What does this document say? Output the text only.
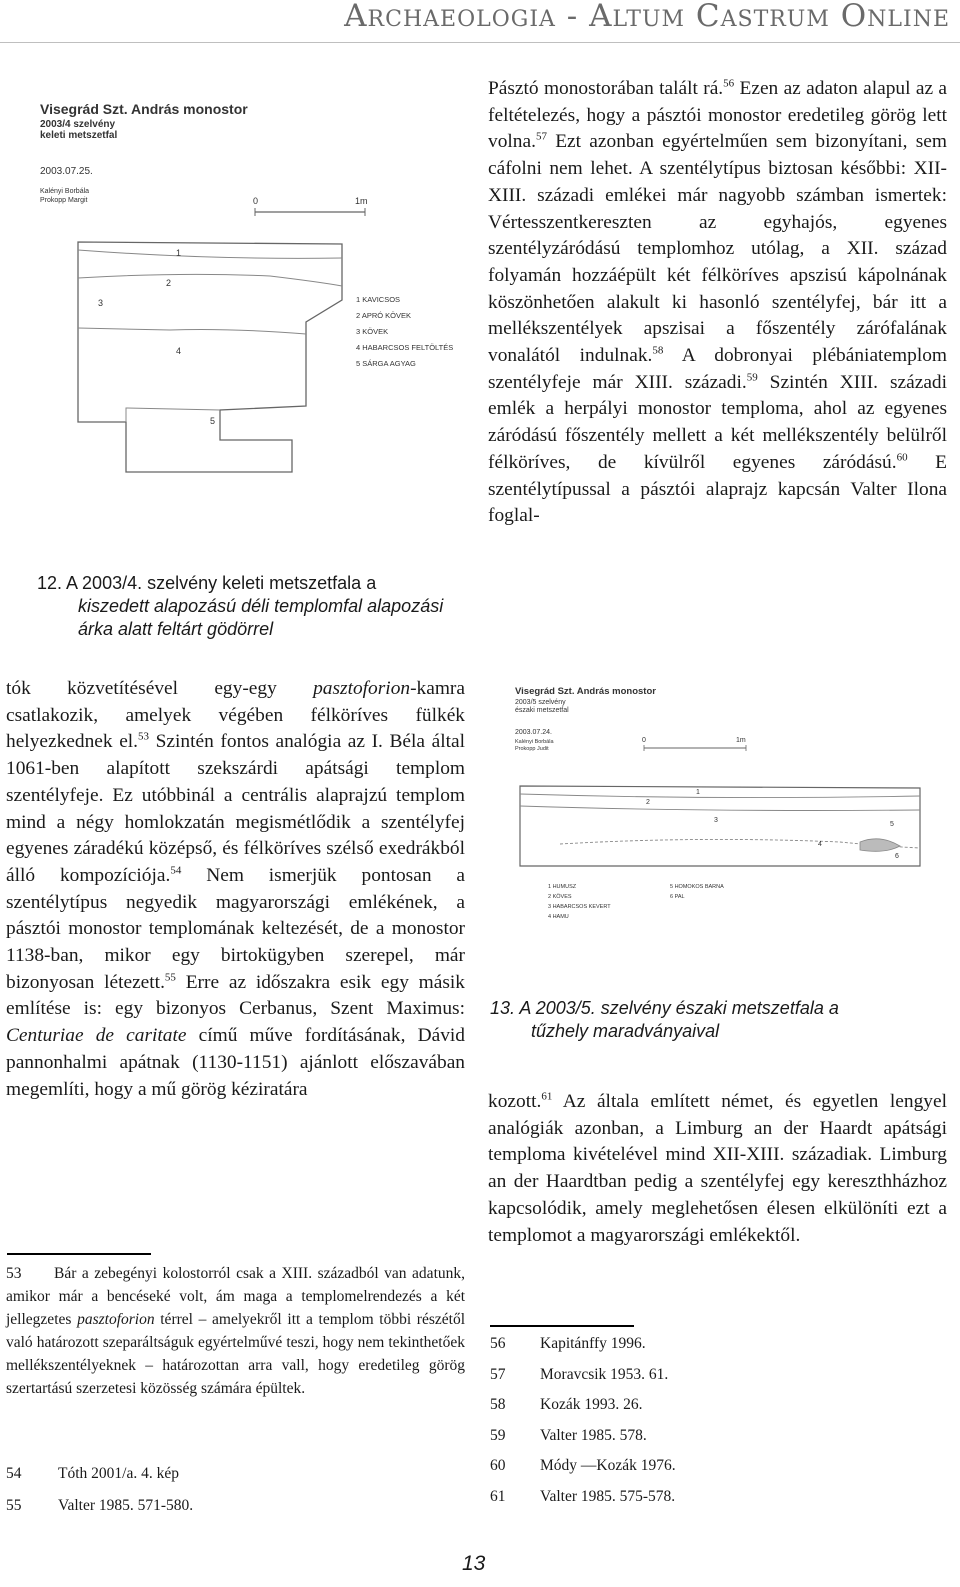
Archaeologia - Altum Castrum Online
Visegrád Szt. András monostor
2003/4 szelvény
keleti metszetfal
2003.07.25.
Kalényi Borbála
Prokopp Margit	0	1m
1
2
3
4
5
1 KAVICSOS
2 APRÓ KÖVEK
3 KÖVEK
4 HABARCSOS FELTÖLTÉS
5 SÁRGA AGYAG

12. A 2003/4. szelvény keleti metszetfala a
kiszedett alapozású déli templomfal alapozási árka alatt feltárt gödörrel

Pásztó monostorában talált rá.$^{56}$ Ezen az adaton alapul az a feltételezés, hogy a pásztói monostor eredetileg görög lett volna.$^{57}$ Ezt azonban egyértelműen sem bizonyítani, sem cáfolni nem lehet. A szentélytípus biztosan későbbi: XII-XIII. századi emlékei már nagyobb számban ismertek: Vértesszentkereszten az egyhajós, egyenes szentélyzáródású templomhoz utólag, a XII. század folyamán hozzáépült két félköríves apszisú kápolnának köszönhetően alakult ki hasonló szentélyfej, bár itt a mellékszentélyek apszisai a főszentély zárófalának vonalától indulnak.$^{58}$ A dobronyai plébániatemplom szentélyfeje már XIII. századi.$^{59}$ Szintén XIII. századi emlék a herpályi monostor temploma, ahol az egyenes záródású főszentély mellett a két mellékszentély belülről félköríves, de kívülről egyenes záródású.$^{60}$ E szentélytípussal a pásztói alaprajz kapcsán Valter Ilona foglal-

tók közvetítésével egy-egy pasztoforion-kamra csatlakozik, amelyek végében félköríves fülkék helyezkednek el.$^{53}$ Szintén fontos analógia az I. Béla által 1061-ben alapított szekszárdi apátsági templom szentélyfeje. Ez utóbbinál a centrális alaprajzú templom mind a négy homlokzatán megismétlődik a szentélyfej egyenes záradékú középső, és félköríves szélső exedrákból álló kompozíciója.$^{54}$ Nem ismerjük pontosan a szentélytípus negyedik magyarországi emlékének, a pásztói monostor templomának keltezését, de a monostor 1138-ban, mikor egy birtokügyben szerepel, már bizonyosan létezett.$^{55}$ Erre az időszakra esik egy másik említése is: egy bizonyos Cerbanus, Szent Maximus: Centuriae de caritate című műve fordításának, Dávid pannonhalmi apátnak (1130-1151) ajánlott előszavában megemlíti, hogy a mű görög kéziratára

Visegrád Szt. András monostor
2003/5 szelvény
északi metszetfal
2003.07.24.
Kalényi Borbála
Prokopp Judit
0	1m
1
2
3
4
5
6
1 HUMUSZ
2 KÖVES
3 HABARCSOS KEVERT
4 HAMU
5 HOMOKOS BARNA
6 PAL

13. A 2003/5. szelvény északi metszetfala a
tűzhely maradványaival

kozott.$^{61}$ Az általa említett német, és egyetlen lengyel analógiák azonban, a Limburg an der Haardt apátsági temploma kivételével mind XII-XIII. századiak. Limburg an der Haardtban pedig a szentélyfej egy kereszthházhoz kapcsolódik, amely meglehetősen élesen elkülöníti ezt a templomot a magyarországi emlékektől.

53 Bár a zebegényi kolostorról csak a XIII. századból van adatunk, amikor már a bencéseké volt, ám maga a templomelrendezés a két jellegzetes pasztoforion térrel – amelyekről itt a templom többi részétől való határozott szeparáltságuk egyértelművé teszi, hogy nem tekinthetőek mellékszentélyeknek – határozottan arra vall, hogy eredetileg görög szertartású szerzetesi közösség számára épültek.

54 Tóth 2001/a. 4. kép
55 Valter 1985. 571-580.
56 Kapitánffy 1996.
57 Moravcsik 1953. 61.
58 Kozák 1993. 26.
59 Valter 1985. 578.
60 Módy —Kozák 1976.
61 Valter 1985. 575-578.

13
